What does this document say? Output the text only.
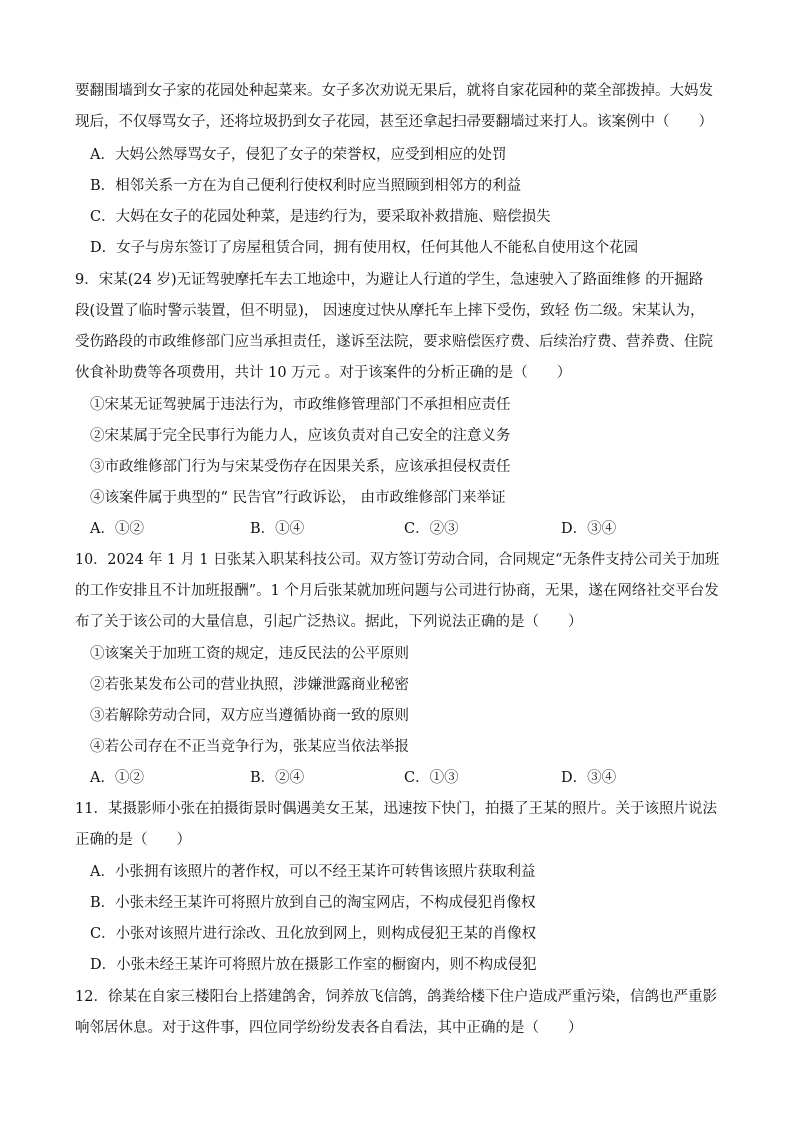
要翻围墙到女子家的花园处种起菜来。女子多次劝说无果后，就将自家花园种的菜全部拨掉。大妈发
现后，不仅辱骂女子，还将垃圾扔到女子花园，甚至还拿起扫帚要翻墙过来打人。该案例中（　　）
A．大妈公然辱骂女子，侵犯了女子的荣誉权，应受到相应的处罚
B．相邻关系一方在为自己便利行使权利时应当照顾到相邻方的利益
C．大妈在女子的花园处种菜，是违约行为，要采取补救措施、赔偿损失
D．女子与房东签订了房屋租赁合同，拥有使用权，任何其他人不能私自使用这个花园
9．宋某(24 岁)无证驾驶摩托车去工地途中，为避让人行道的学生，急速驶入了路面维修 的开掘路
段(设置了临时警示装置，但不明显)， 因速度过快从摩托车上摔下受伤，致轻 伤二级。宋某认为，
受伤路段的市政维修部门应当承担责任，遂诉至法院，要求赔偿医疗费、后续治疗费、营养费、住院
伙食补助费等各项费用，共计 10 万元 。对于该案件的分析正确的是（　　）
①宋某无证驾驶属于违法行为，市政维修管理部门不承担相应责任
②宋某属于完全民事行为能力人，应该负责对自己安全的注意义务
③市政维修部门行为与宋某受伤存在因果关系，应该承担侵权责任
④该案件属于典型的“ 民告官”行政诉讼， 由市政维修部门来举证
A．①②	B．①④	C．②③	D．③④
10．2024 年 1 月 1 日张某入职某科技公司。双方签订劳动合同，合同规定“无条件支持公司关于加班
的工作安排且不计加班报酬”。1 个月后张某就加班问题与公司进行协商，无果，遂在网络社交平台发
布了关于该公司的大量信息，引起广泛热议。据此，下列说法正确的是（　　）
①该案关于加班工资的规定，违反民法的公平原则
②若张某发布公司的营业执照，涉嫌泄露商业秘密
③若解除劳动合同，双方应当遵循协商一致的原则
④若公司存在不正当竞争行为，张某应当依法举报
A．①②	B．②④	C．①③	D．③④
11．某摄影师小张在拍摄街景时偶遇美女王某，迅速按下快门，拍摄了王某的照片。关于该照片说法
正确的是（　　）
A．小张拥有该照片的著作权，可以不经王某许可转售该照片获取利益
B．小张未经王某许可将照片放到自己的淘宝网店，不构成侵犯肖像权
C．小张对该照片进行涂改、丑化放到网上，则构成侵犯王某的肖像权
D．小张未经王某许可将照片放在摄影工作室的橱窗内，则不构成侵犯
12．徐某在自家三楼阳台上搭建鸽舍，饲养放飞信鸽，鸽粪给楼下住户造成严重污染，信鸽也严重影
响邻居休息。对于这件事，四位同学纷纷发表各自看法，其中正确的是（　　）
